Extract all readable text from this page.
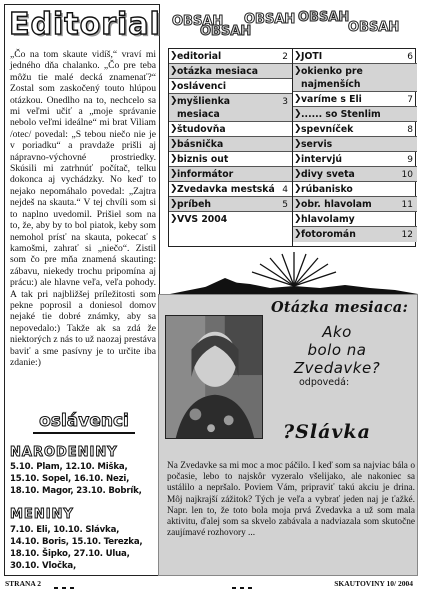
Editorial
„Čo na tom skaute vidíš,“ vraví mi jedného dňa chalanko. „Čo pre teba môžu tie malé decká znamenať?“ Zostal som zaskočený touto hlúpou otázkou. Onedlho na to, nechcelo sa mi veľmi učiť a „moje správanie nebolo veľmi ideálne“ mi brat Viliam /otec/ povedal: „S tebou niečo nie je v poriadku“ a pravdaže prišli aj nápravno-výchovné prostriedky. Skúsili mi zatrhnúť počítač, telku dokonca aj vychádzky. No keď to nejako nepomáhalo povedal: „Zajtra nejdeš na skauta.“ V tej chvíli som si to naplno uvedomil. Prišiel som na to, že, aby by to bol piatok, keby som nemohol prísť na skauta, pokecať s kamošmi, zahrať si „niečo“. Zistil som čo pre mňa znamená skauting: zábavu, niekedy trochu pripomína aj prácu:) ale hlavne veľa, veľa pohody. A tak pri najbližšej príležitosti som pekne poprosil a doniesol domov nejaké tie dobré známky, aby sa nepovedalo:) Takže ak sa zdá že niektorých z nás to už naozaj prestáva baviť a sme pasívny je to určite iba zdanie:)
oslávenci
NARODENINY
5.10. Plam, 12.10. Miška,
15.10. Sopel, 16.10. Nezi,
18.10. Magor, 23.10. Bobrík,
MENINY
7.10. Eli, 10.10. Slávka,
14.10. Boris, 15.10. Terezka,
18.10. Šipko, 27.10. Ulua,
30.10. Vločka,
OBSAH
OBSAH
OBSAH OBSAH
OBSAH
❯ editorial	2
❯ otázka mesiaca
❯ oslávenci
❯ myšlienka
mesiaca
3
❯ študovňa
❯ básnička
❯ biznis out
❯ informátor
❯ Zvedavka mestská 4
❯ príbeh	5
❯ VVS 2004
❯ JOTI	6
❯ okienko pre
najmenších
❯ varíme s Eli	7
❯ ...... so Stenlim
❯ spevníček	8
❯ servis
❯ intervjú	9
❯ divy sveta	10
❯ rúbanisko
❯ obr. hlavolam	11
❯ hlavolamy
❯ fotoromán	12
Otázka mesiaca:
Ako
bolo na
Zvedavke?
odpovedá:
?Slávka
Na Zvedavke sa mi moc a moc páčilo. I keď som sa najviac bála o počasie, lebo to najskôr vyzeralo všelijako, ale nakoniec sa ustálilo a nepršalo. Poviem Vám, pripraviť takú akciu je drina. Môj najkrajší zážitok? Tých je veľa a vybrať jeden naj je ťažké. Napr. len to, že toto bola moja prvá Zvedavka a už som mala aktivitu, ďalej som sa skvelo zabávala a nadviazala som skutočne zaujímavé rozhovory ...
STRANA 2	SKAUTOVINY 10/ 2004
